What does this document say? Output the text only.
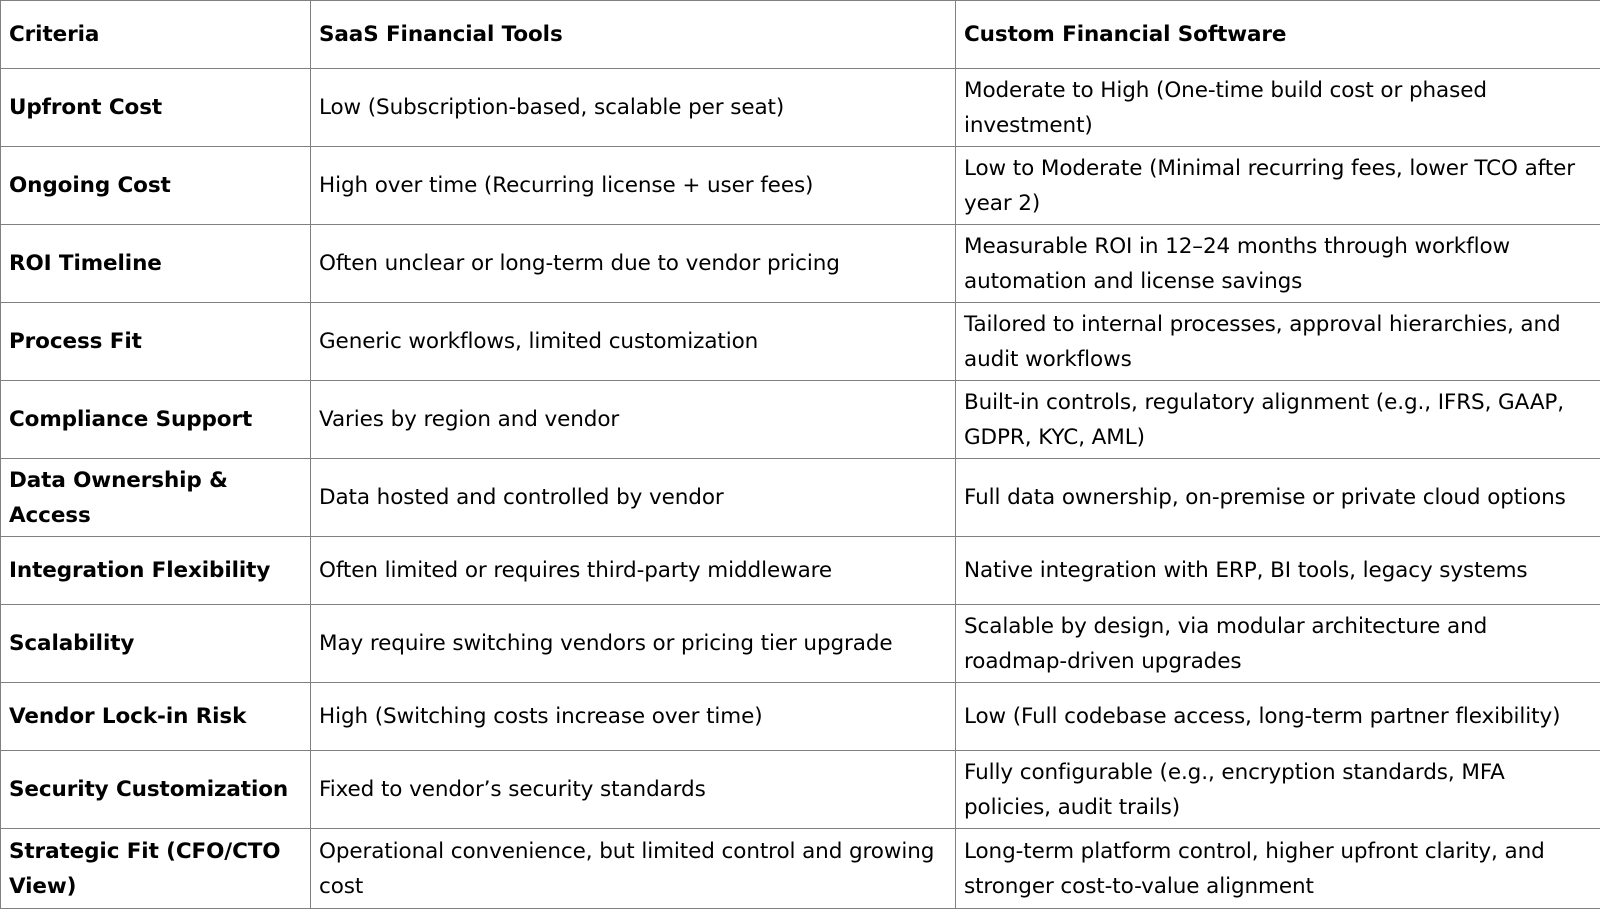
Criteria	SaaS Financial Tools	Custom Financial Software
Upfront Cost	Low (Subscription-based, scalable per seat)	Moderate to High (One-time build cost or phased investment)
Ongoing Cost	High over time (Recurring license + user fees)	Low to Moderate (Minimal recurring fees, lower TCO after year 2)
ROI Timeline	Often unclear or long-term due to vendor pricing	Measurable ROI in 12–24 months through workflow automation and license savings
Process Fit	Generic workflows, limited customization	Tailored to internal processes, approval hierarchies, and audit workflows
Compliance Support	Varies by region and vendor	Built-in controls, regulatory alignment (e.g., IFRS, GAAP, GDPR, KYC, AML)
Data Ownership & Access	Data hosted and controlled by vendor	Full data ownership, on-premise or private cloud options
Integration Flexibility	Often limited or requires third-party middleware	Native integration with ERP, BI tools, legacy systems
Scalability	May require switching vendors or pricing tier upgrade	Scalable by design, via modular architecture and roadmap-driven upgrades
Vendor Lock-in Risk	High (Switching costs increase over time)	Low (Full codebase access, long-term partner flexibility)
Security Customization	Fixed to vendor’s security standards	Fully configurable (e.g., encryption standards, MFA policies, audit trails)
Strategic Fit (CFO/CTO View)	Operational convenience, but limited control and growing cost	Long-term platform control, higher upfront clarity, and stronger cost-to-value alignment
